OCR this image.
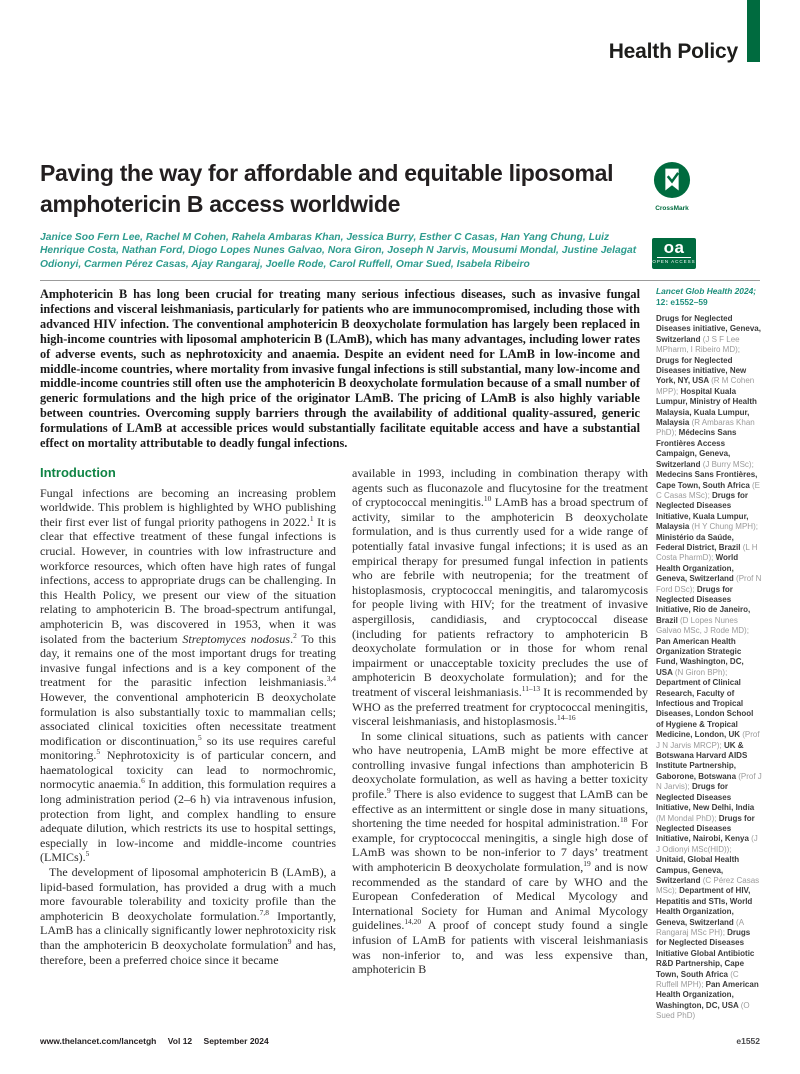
Health Policy
Paving the way for affordable and equitable liposomal
amphotericin B access worldwide	CrossMark
oa
OPEN ACCESS
Janice Soo Fern Lee, Rachel M Cohen, Rahela Ambaras Khan, Jessica Burry, Esther C Casas, Han Yang Chung, Luiz Henrique Costa, Nathan Ford, Diogo Lopes Nunes Galvao, Nora Giron, Joseph N Jarvis, Mousumi Mondal, Justine Jelagat Odionyi, Carmen Pérez Casas, Ajay Rangaraj, Joelle Rode, Carol Ruffell, Omar Sued, Isabela Ribeiro
Amphotericin B has long been crucial for treating many serious infectious diseases, such as invasive fungal infections and visceral leishmaniasis, particularly for patients who are immunocompromised, including those with advanced HIV infection. The conventional amphotericin B deoxycholate formulation has largely been replaced in high-income countries with liposomal amphotericin B (LAmB), which has many advantages, including lower rates of adverse events, such as nephrotoxicity and anaemia. Despite an evident need for LAmB in low-income and middle-income countries, where mortality from invasive fungal infections is still substantial, many low-income and middle-income countries still often use the amphotericin B deoxycholate formulation because of a small number of generic formulations and the high price of the originator LAmB. The pricing of LAmB is also highly variable between countries. Overcoming supply barriers through the availability of additional quality-assured, generic formulations of LAmB at accessible prices would substantially facilitate equitable access and have a substantial effect on mortality attributable to deadly fungal infections.
Lancet Glob Health 2024;
12: e1552–59
Drugs for Neglected Diseases initiative, Geneva, Switzerland (J S F Lee MPharm, I Ribeiro MD); Drugs for Neglected Diseases initiative, New York, NY, USA (R M Cohen MPP); Hospital Kuala Lumpur, Ministry of Health Malaysia, Kuala Lumpur, Malaysia (R Ambaras Khan PhD); Médecins Sans Frontières Access Campaign, Geneva, Switzerland (J Burry MSc); Medecins Sans Frontières, Cape Town, South Africa (E C Casas MSc); Drugs for Neglected Diseases Initiative, Kuala Lumpur, Malaysia (H Y Chung MPH); Ministério da Saúde, Federal District, Brazil (L H Costa PharmD); World Health Organization, Geneva, Switzerland (Prof N Ford DSc); Drugs for Neglected Diseases Initiative, Rio de Janeiro, Brazil (D Lopes Nunes Galvao MSc, J Rode MD); Pan American Health Organization Strategic Fund, Washington, DC, USA (N Giron BPh); Department of Clinical Research, Faculty of Infectious and Tropical Diseases, London School of Hygiene & Tropical Medicine, London, UK (Prof J N Jarvis MRCP); UK & Botswana Harvard AIDS Institute Partnership, Gaborone, Botswana (Prof J N Jarvis); Drugs for Neglected Diseases Initiative, New Delhi, India (M Mondal PhD); Drugs for Neglected Diseases Initiative, Nairobi, Kenya (J J Odionyi MSc(HID)); Unitaid, Global Health Campus, Geneva, Switzerland (C Pérez Casas MSc); Department of HIV, Hepatitis and STIs, World Health Organization, Geneva, Switzerland (A Rangaraj MSc PH); Drugs for Neglected Diseases Initiative Global Antibiotic R&D Partnership, Cape Town, South Africa (C Ruffell MPH); Pan American Health Organization, Washington, DC, USA (O Sued PhD)
Introduction

Fungal infections are becoming an increasing problem worldwide. This problem is highlighted by WHO publishing their first ever list of fungal priority pathogens in 2022.$^1$ It is clear that effective treatment of these fungal infections is crucial. However, in countries with low infrastructure and workforce resources, which often have high rates of fungal infections, access to appropriate drugs can be challenging. In this Health Policy, we present our view of the situation relating to amphotericin B. The broad-spectrum antifungal, amphotericin B, was discovered in 1953, when it was isolated from the bacterium Streptomyces nodosus.$^2$ To this day, it remains one of the most important drugs for treating invasive fungal infections and is a key component of the treatment for the parasitic infection leishmaniasis.$^{3,4}$ However, the conventional amphotericin B deoxycholate formulation is also substantially toxic to mammalian cells; associated clinical toxicities often necessitate treatment modification or discontinuation,$^5$ so its use requires careful monitoring.$^5$ Nephrotoxicity is of particular concern, and haematological toxicity can lead to normochromic, normocytic anaemia.$^6$ In addition, this formulation requires a long administration period (2–6 h) via intravenous infusion, protection from light, and complex handling to ensure adequate dilution, which restricts its use to hospital settings, especially in low-income and middle-income countries (LMICs).$^5$

The development of liposomal amphotericin B (LAmB), a lipid-based formulation, has provided a drug with a much more favourable tolerability and toxicity profile than the amphotericin B deoxycholate formulation.$^{7,8}$ Importantly, LAmB has a clinically significantly lower nephrotoxicity risk than the amphotericin B deoxycholate formulation$^9$ and has, therefore, been a preferred choice since it became

available in 1993, including in combination therapy with agents such as fluconazole and flucytosine for the treatment of cryptococcal meningitis.$^{10}$ LAmB has a broad spectrum of activity, similar to the amphotericin B deoxycholate formulation, and is thus currently used for a wide range of potentially fatal invasive fungal infections; it is used as an empirical therapy for presumed fungal infection in patients who are febrile with neutropenia; for the treatment of histoplasmosis, cryptococcal meningitis, and talaromycosis for people living with HIV; for the treatment of invasive aspergillosis, candidiasis, and cryptococcal disease (including for patients refractory to amphotericin B deoxycholate formulation or in those for whom renal impairment or unacceptable toxicity precludes the use of amphotericin B deoxycholate formulation); and for the treatment of visceral leishmaniasis.$^{11-13}$ It is recommended by WHO as the preferred treatment for cryptococcal meningitis, visceral leishmaniasis, and histoplasmosis.$^{14-16}$

In some clinical situations, such as patients with cancer who have neutropenia, LAmB might be more effective at controlling invasive fungal infections than amphotericin B deoxycholate formulation, as well as having a better toxicity profile.$^9$ There is also evidence to suggest that LAmB can be effective as an intermittent or single dose in many situations, shortening the time needed for hospital administration.$^{18}$ For example, for cryptococcal meningitis, a single high dose of LAmB was shown to be non-inferior to 7 days’ treatment with amphotericin B deoxycholate formulation,$^{19}$ and is now recommended as the standard of care by WHO and the European Confederation of Medical Mycology and International Society for Human and Animal Mycology guidelines.$^{14,20}$ A proof of concept study found a single infusion of LAmB for patients with visceral leishmaniasis was non-inferior to, and was less expensive than, amphotericin B

www.thelancet.com/lancetgh Vol 12 September 2024	e1552
